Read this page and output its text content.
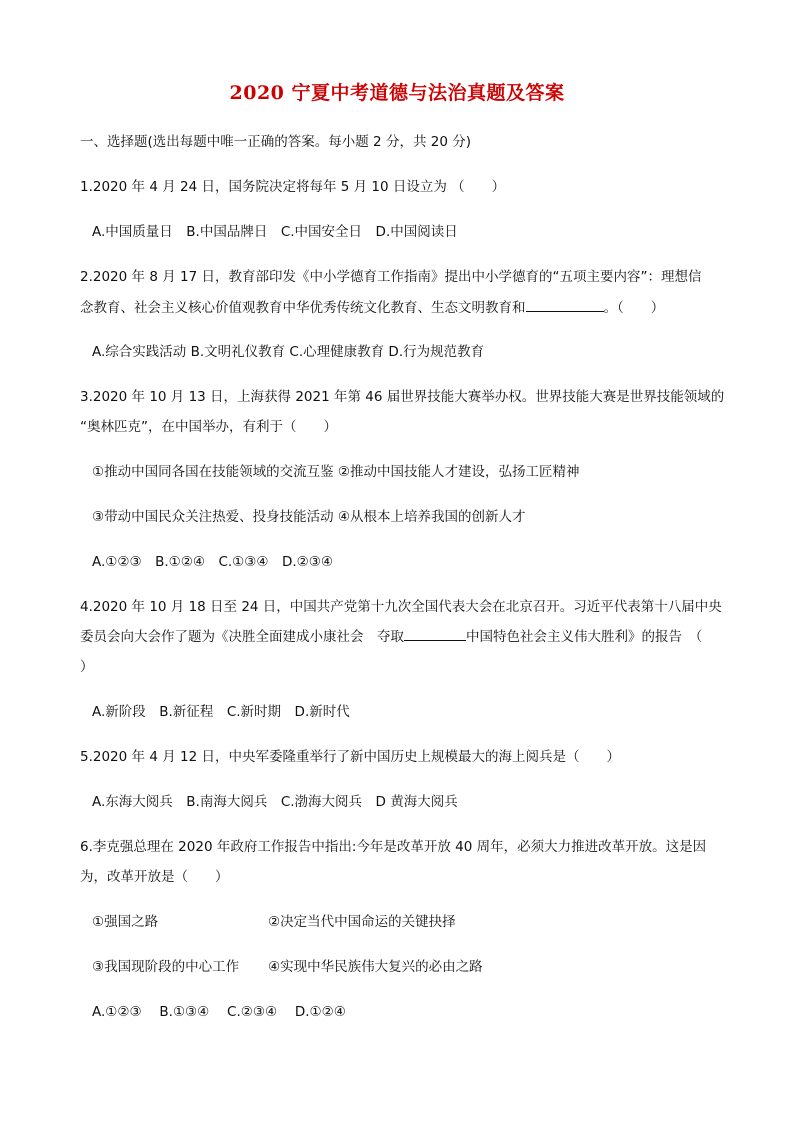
2020 宁夏中考道德与法治真题及答案
一、选择题(选出每题中唯一正确的答案。每小题 2 分，共 20 分)
1.2020 年 4 月 24 日，国务院决定将每年 5 月 10 日设立为 （　　）
A.中国质量日　B.中国品牌日　C.中国安全日　D.中国阅读日
2.2020 年 8 月 17 日，教育部印发《中小学德育工作指南》提出中小学德育的“五项主要内容”：理想信
念教育、社会主义核心价值观教育中华优秀传统文化教育、生态文明教育和	。（　　）
A.综合实践活动 B.文明礼仪教育 C.心理健康教育 D.行为规范教育
3.2020 年 10 月 13 日，上海获得 2021 年第 46 届世界技能大赛举办权。世界技能大赛是世界技能领域的
“奥林匹克”，在中国举办，有利于（　　）
①推动中国同各国在技能领域的交流互鉴 ②推动中国技能人才建设，弘扬工匠精神
③带动中国民众关注热爱、投身技能活动 ④从根本上培养我国的创新人才
A.①②③　B.①②④　C.①③④　D.②③④
4.2020 年 10 月 18 日至 24 日，中国共产党第十九次全国代表大会在北京召开。习近平代表第十八届中央
委员会向大会作了题为《决胜全面建成小康社会　夺取	中国特色社会主义伟大胜利》的报告　（
）
A.新阶段　B.新征程　C.新时期　D.新时代
5.2020 年 4 月 12 日，中央军委隆重举行了新中国历史上规模最大的海上阅兵是（　　）
A.东海大阅兵　B.南海大阅兵　C.渤海大阅兵　D 黄海大阅兵
6.李克强总理在 2020 年政府工作报告中指出:今年是改革开放 40 周年，必须大力推进改革开放。这是因
为，改革开放是（　　）
①强国之路	②决定当代中国命运的关键抉择
③我国现阶段的中心工作 ④实现中华民族伟大复兴的必由之路
A.①②③　 B.①③④　 C.②③④　 D.①②④
